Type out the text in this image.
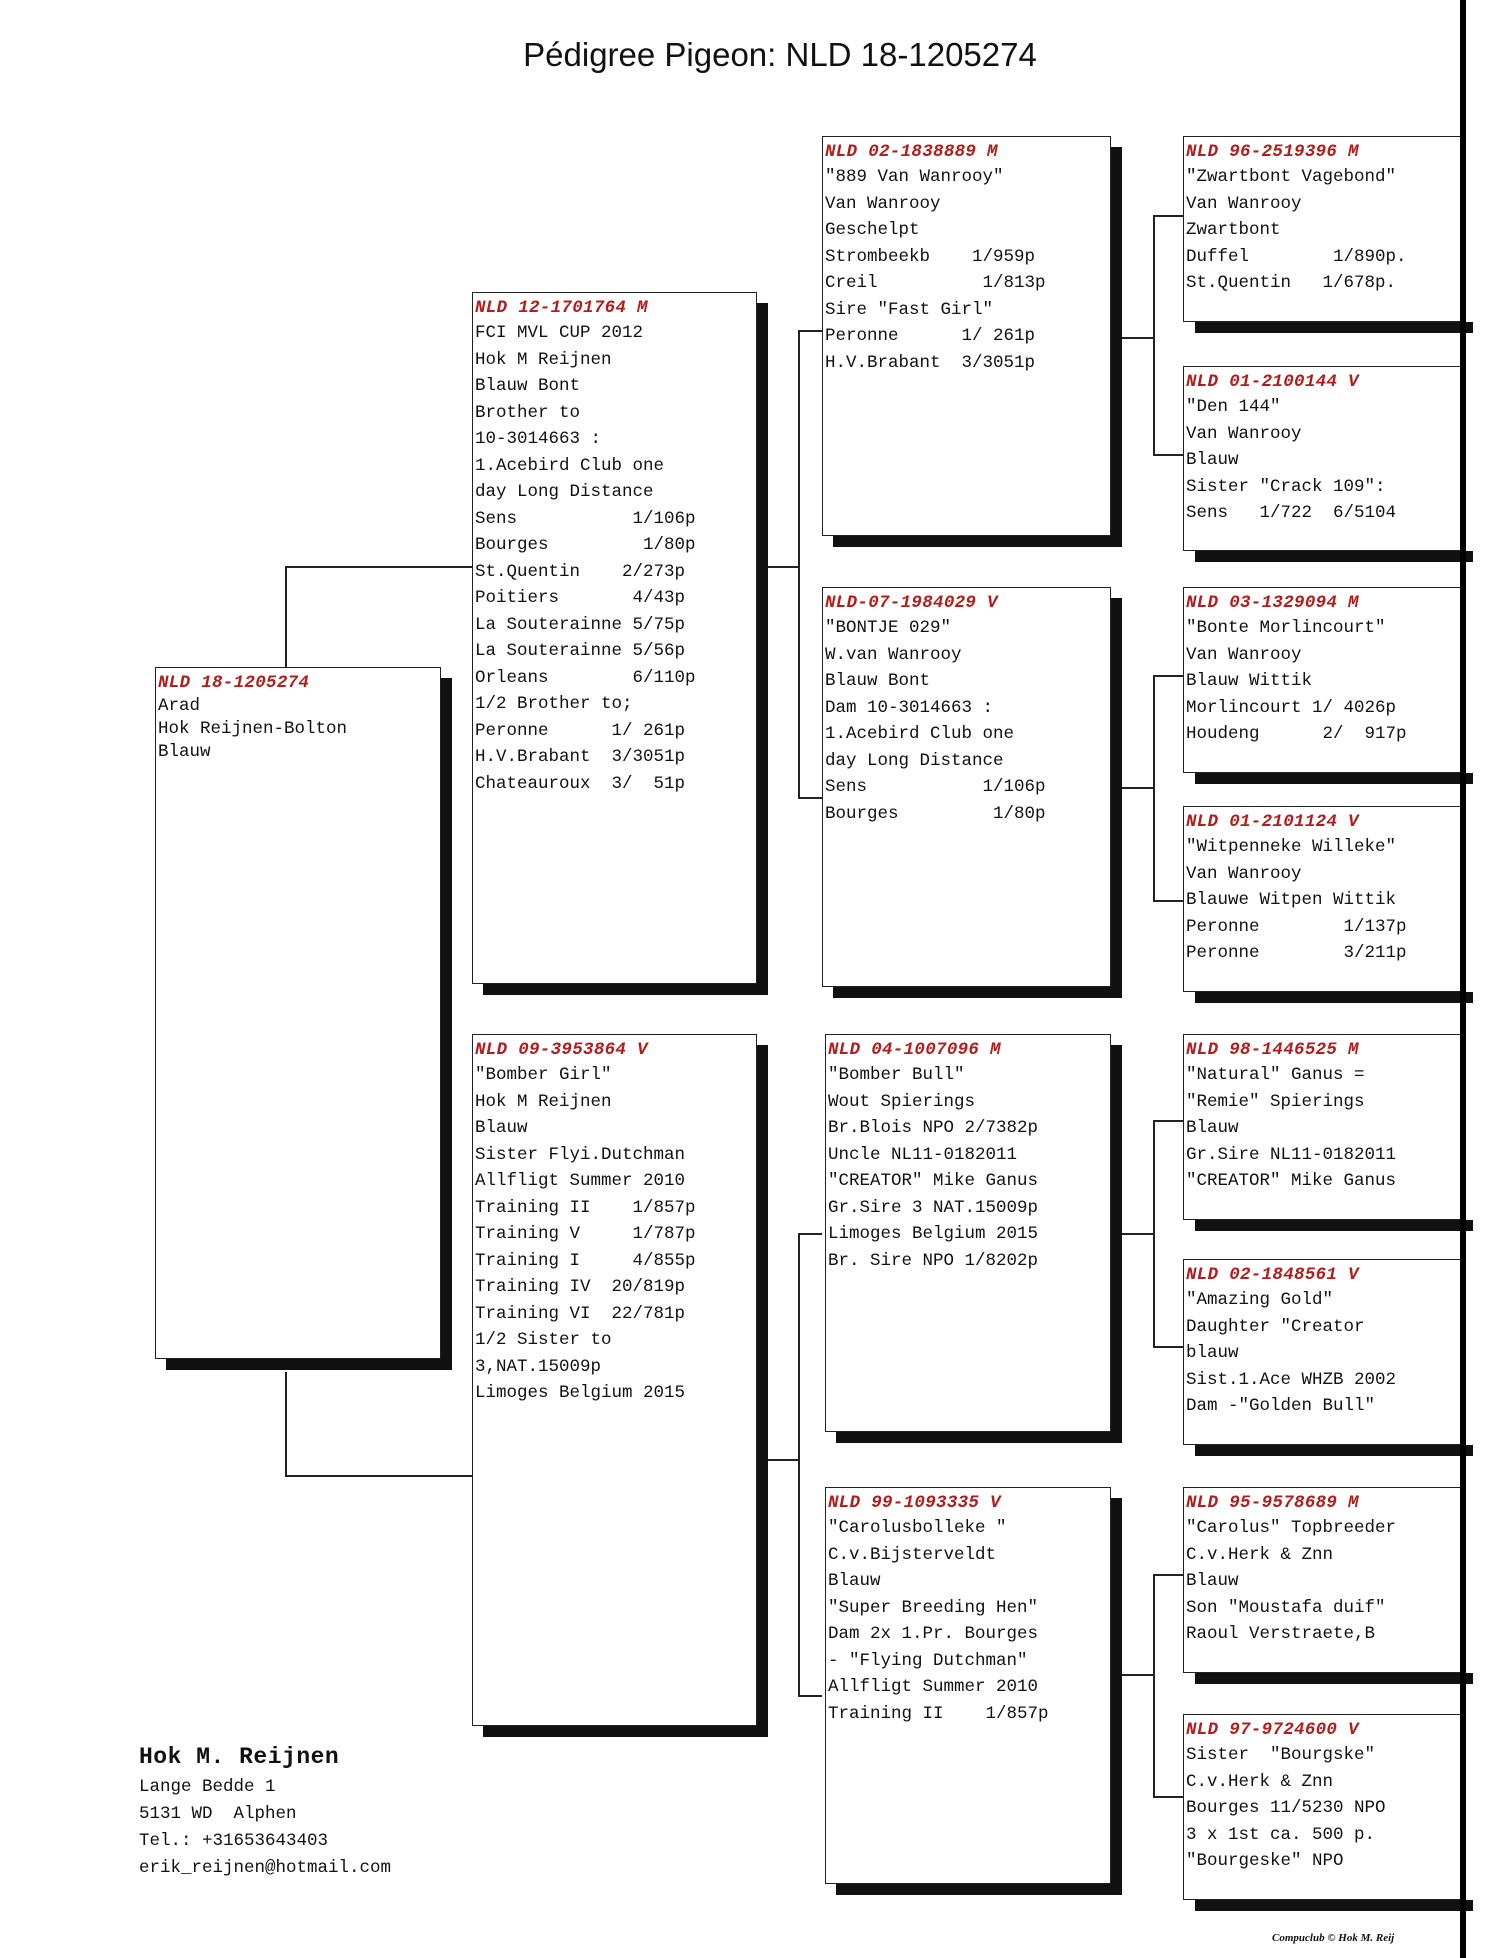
Pédigree Pigeon: NLD 18-1205274
NLD 18-1205274
Arad
Hok Reijnen-Bolton
Blauw
NLD 12-1701764 M
FCI MVL CUP 2012
Hok M Reijnen
Blauw Bont
Brother to
10-3014663 :
1.Acebird Club one
day Long Distance
Sens           1/106p
Bourges         1/80p
St.Quentin    2/273p
Poitiers       4/43p
La Souterainne 5/75p
La Souterainne 5/56p
Orleans        6/110p
1/2 Brother to;
Peronne      1/ 261p
H.V.Brabant  3/3051p
Chateauroux  3/  51p
NLD 09-3953864 V
"Bomber Girl"
Hok M Reijnen
Blauw
Sister Flyi.Dutchman
Allfligt Summer 2010
Training II    1/857p
Training V     1/787p
Training I     4/855p
Training IV  20/819p
Training VI  22/781p
1/2 Sister to
3,NAT.15009p
Limoges Belgium 2015
NLD 02-1838889 M
"889 Van Wanrooy"
Van Wanrooy
Geschelpt
Strombeekb    1/959p
Creil          1/813p
Sire "Fast Girl"
Peronne      1/ 261p
H.V.Brabant  3/3051p
NLD-07-1984029 V
"BONTJE 029"
W.van Wanrooy
Blauw Bont
Dam 10-3014663 :
1.Acebird Club one
day Long Distance
Sens           1/106p
Bourges         1/80p
NLD 04-1007096 M
"Bomber Bull"
Wout Spierings
Br.Blois NPO 2/7382p
Uncle NL11-0182011
"CREATOR" Mike Ganus
Gr.Sire 3 NAT.15009p
Limoges Belgium 2015
Br. Sire NPO 1/8202p
NLD 99-1093335 V
"Carolusbolleke "
C.v.Bijsterveldt
Blauw
"Super Breeding Hen"
Dam 2x 1.Pr. Bourges
- "Flying Dutchman"
Allfligt Summer 2010
Training II    1/857p
NLD 96-2519396 M
"Zwartbont Vagebond"
Van Wanrooy
Zwartbont
Duffel        1/890p.
St.Quentin   1/678p.
NLD 01-2100144 V
"Den 144"
Van Wanrooy
Blauw
Sister "Crack 109":
Sens   1/722  6/5104
NLD 03-1329094 M
"Bonte Morlincourt"
Van Wanrooy
Blauw Wittik
Morlincourt 1/ 4026p
Houdeng      2/  917p
NLD 01-2101124 V
"Witpenneke Willeke"
Van Wanrooy
Blauwe Witpen Wittik
Peronne        1/137p
Peronne        3/211p
NLD 98-1446525 M
"Natural" Ganus =
"Remie" Spierings
Blauw
Gr.Sire NL11-0182011
"CREATOR" Mike Ganus
NLD 02-1848561 V
"Amazing Gold"
Daughter "Creator
blauw
Sist.1.Ace WHZB 2002
Dam -"Golden Bull"
NLD 95-9578689 M
"Carolus" Topbreeder
C.v.Herk & Znn
Blauw
Son "Moustafa duif"
Raoul Verstraete,B
NLD 97-9724600 V
Sister  "Bourgske"
C.v.Herk & Znn
Bourges 11/5230 NPO
3 x 1st ca. 500 p.
"Bourgeske" NPO
Hok M. Reijnen
Lange Bedde 1
5131 WD  Alphen
Tel.: +31653643403
erik_reijnen@hotmail.com
Compuclub © Hok M. Reij
